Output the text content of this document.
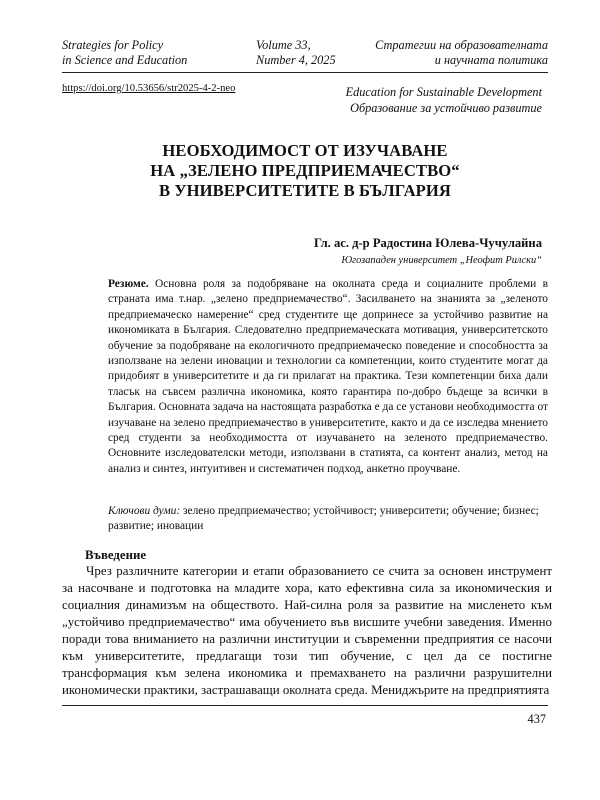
Strategies for Policy
in Science and Education
Volume 33,
Number 4, 2025
Стратегии на образователната
и научната политика
https://doi.org/10.53656/str2025-4-2-neo	Education for Sustainable Development
Образование за устойчиво развитие
НЕОБХОДИМОСТ ОТ ИЗУЧАВАНЕ
НА „ЗЕЛЕНО ПРЕДПРИЕМАЧЕСТВО“
В УНИВЕРСИТЕТИТЕ В БЪЛГАРИЯ
Гл. ас. д-р Радостина Юлева-Чучулайна
Югозападен университет „Неофит Рилски“
Резюме. Основна роля за подобряване на околната среда и социалните проблеми в страната има т.нар. „зелено предприемачество“. Засилването на знанията за „зеленото предприемаческо намерение“ сред студентите ще допринесе за устойчиво развитие на икономиката в България. Следователно предприемаческата мотивация, университетското обучение за подобряване на екологичното предприемаческо поведение и способността за използване на зелени иновации и технологии са компетенции, които студентите могат да придобият в университетите и да ги прилагат на практика. Тези компетенции биха дали тласък на съвсем различна икономика, която гарантира по-добро бъдеще за всички в България. Основната задача на настоящата разработка е да се установи необходимостта от изучаване на зелено предприемачество в университетите, както и да се изследва мнението сред студенти за необходимостта от изучаването на зеленото предприемачество. Основните изследователски методи, използвани в статията, са контент анализ, метод на анализ и синтез, интуитивен и систематичен подход, анкетно проучване.
Ключови думи: зелено предприемачество; устойчивост; университети; обучение; бизнес; развитие; иновации
Въведение
Чрез различните категории и етапи образованието се счита за основен инструмент за насочване и подготовка на младите хора, като ефективна сила за икономическия и социалния динамизъм на обществото. Най-силна роля за развитие на мисленето към „устойчиво предприемачество“ има обучението във висшите учебни заведения. Именно поради това вниманието на различни институции и съвременни предприятия се насочи към университетите, предлагащи този тип обучение, с цел да се постигне трансформация към зелена икономика и премахването на различни разрушителни икономически практики, застрашаващи околната среда. Мениджърите на предприятията
437
